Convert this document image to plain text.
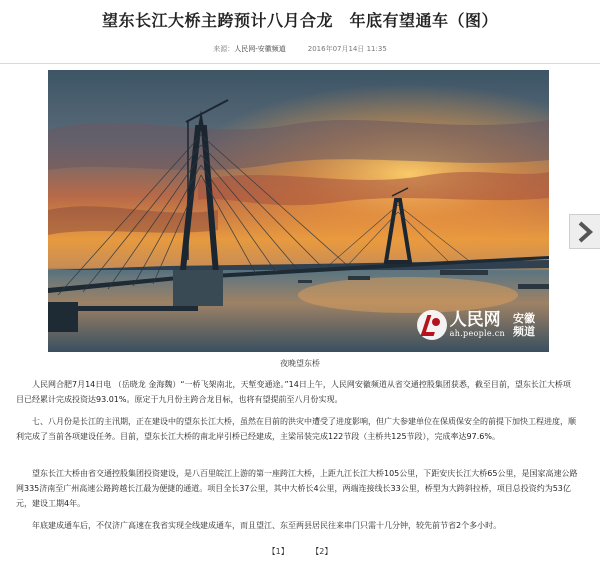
望东长江大桥主跨预计八月合龙　年底有望通车（图）
来源：人民网-安徽频道	2016年07月14日 11:35
人民网
ah.people.cn
安徽频道
夜晚望东桥

人民网合肥7月14日电 （岳晓龙 金海魏）“一桥飞架南北，天堑变通途。”14日上午，人民网安徽频道从省交通控股集团获悉，截至目前，望东长江大桥项目已经累计完成投资达93.01%。原定于九月份主跨合龙目标，也将有望提前至八月份实现。

七、八月份是长江的主汛期，正在建设中的望东长江大桥，虽然在目前的洪灾中遭受了进度影响，但广大参建单位在保质保安全的前提下加快工程进度，顺利完成了当前各项建设任务。目前，望东长江大桥的南北岸引桥已经建成，主梁吊装完成122节段（主桥共125节段），完成率达97.6%。

望东长江大桥由省交通控股集团投资建设，是八百里皖江上游的第一座跨江大桥，上距九江长江大桥105公里，下距安庆长江大桥65公里，是国家高速公路网335济南至广州高速公路跨越长江最为便捷的通道。项目全长37公里，其中大桥长4公里，两端连接线长33公里，桥型为大跨斜拉桥，项目总投资约为53亿元，建设工期4年。

年底建成通车后，不仅济广高速在我省实现全线建成通车，而且望江、东至两县居民往来串门只需十几分钟，较先前节省2个多小时。

【1】	【2】
